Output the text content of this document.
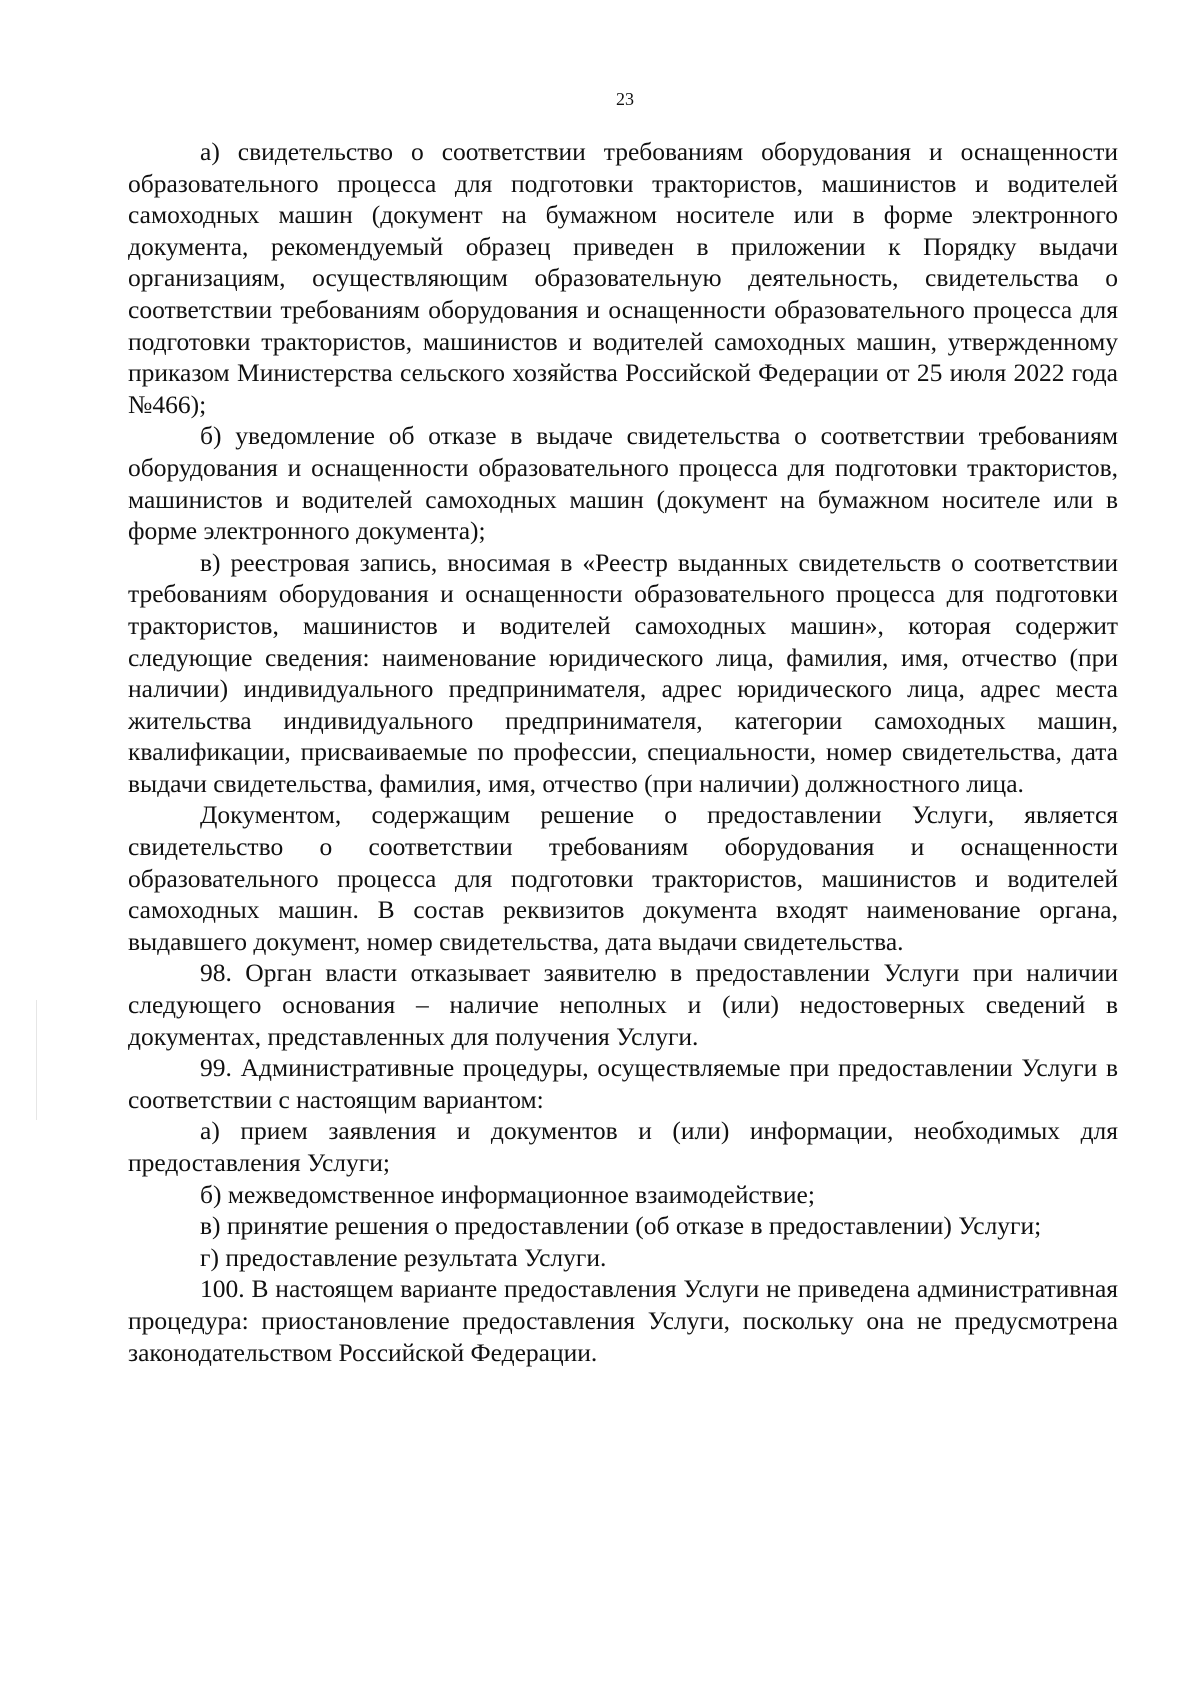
23

а) свидетельство о соответствии требованиям оборудования и оснащенности образовательного процесса для подготовки трактористов, машинистов и водителей самоходных машин (документ на бумажном носителе или в форме электронного документа, рекомендуемый образец приведен в приложении к Порядку выдачи организациям, осуществляющим образовательную деятельность, свидетельства о соответствии требованиям оборудования и оснащенности образовательного процесса для подготовки трактористов, машинистов и водителей самоходных машин, утвержденному приказом Министерства сельского хозяйства Российской Федерации от 25 июля 2022 года №466);

б) уведомление об отказе в выдаче свидетельства о соответствии требованиям оборудования и оснащенности образовательного процесса для подготовки трактористов, машинистов и водителей самоходных машин (документ на бумажном носителе или в форме электронного документа);

в) реестровая запись, вносимая в «Реестр выданных свидетельств о соответствии требованиям оборудования и оснащенности образовательного процесса для подготовки трактористов, машинистов и водителей самоходных машин», которая содержит следующие сведения: наименование юридического лица, фамилия, имя, отчество (при наличии) индивидуального предпринимателя, адрес юридического лица, адрес места жительства индивидуального предпринимателя, категории самоходных машин, квалификации, присваиваемые по профессии, специальности, номер свидетельства, дата выдачи свидетельства, фамилия, имя, отчество (при наличии) должностного лица.

Документом, содержащим решение о предоставлении Услуги, является свидетельство о соответствии требованиям оборудования и оснащенности образовательного процесса для подготовки трактористов, машинистов и водителей самоходных машин. В состав реквизитов документа входят наименование органа, выдавшего документ, номер свидетельства, дата выдачи свидетельства.

98. Орган власти отказывает заявителю в предоставлении Услуги при наличии следующего основания – наличие неполных и (или) недостоверных сведений в документах, представленных для получения Услуги.

99. Административные процедуры, осуществляемые при предоставлении Услуги в соответствии с настоящим вариантом:

а) прием заявления и документов и (или) информации, необходимых для предоставления Услуги;

б) межведомственное информационное взаимодействие;

в) принятие решения о предоставлении (об отказе в предоставлении) Услуги;

г) предоставление результата Услуги.

100. В настоящем варианте предоставления Услуги не приведена административная процедура: приостановление предоставления Услуги, поскольку она не предусмотрена законодательством Российской Федерации.
